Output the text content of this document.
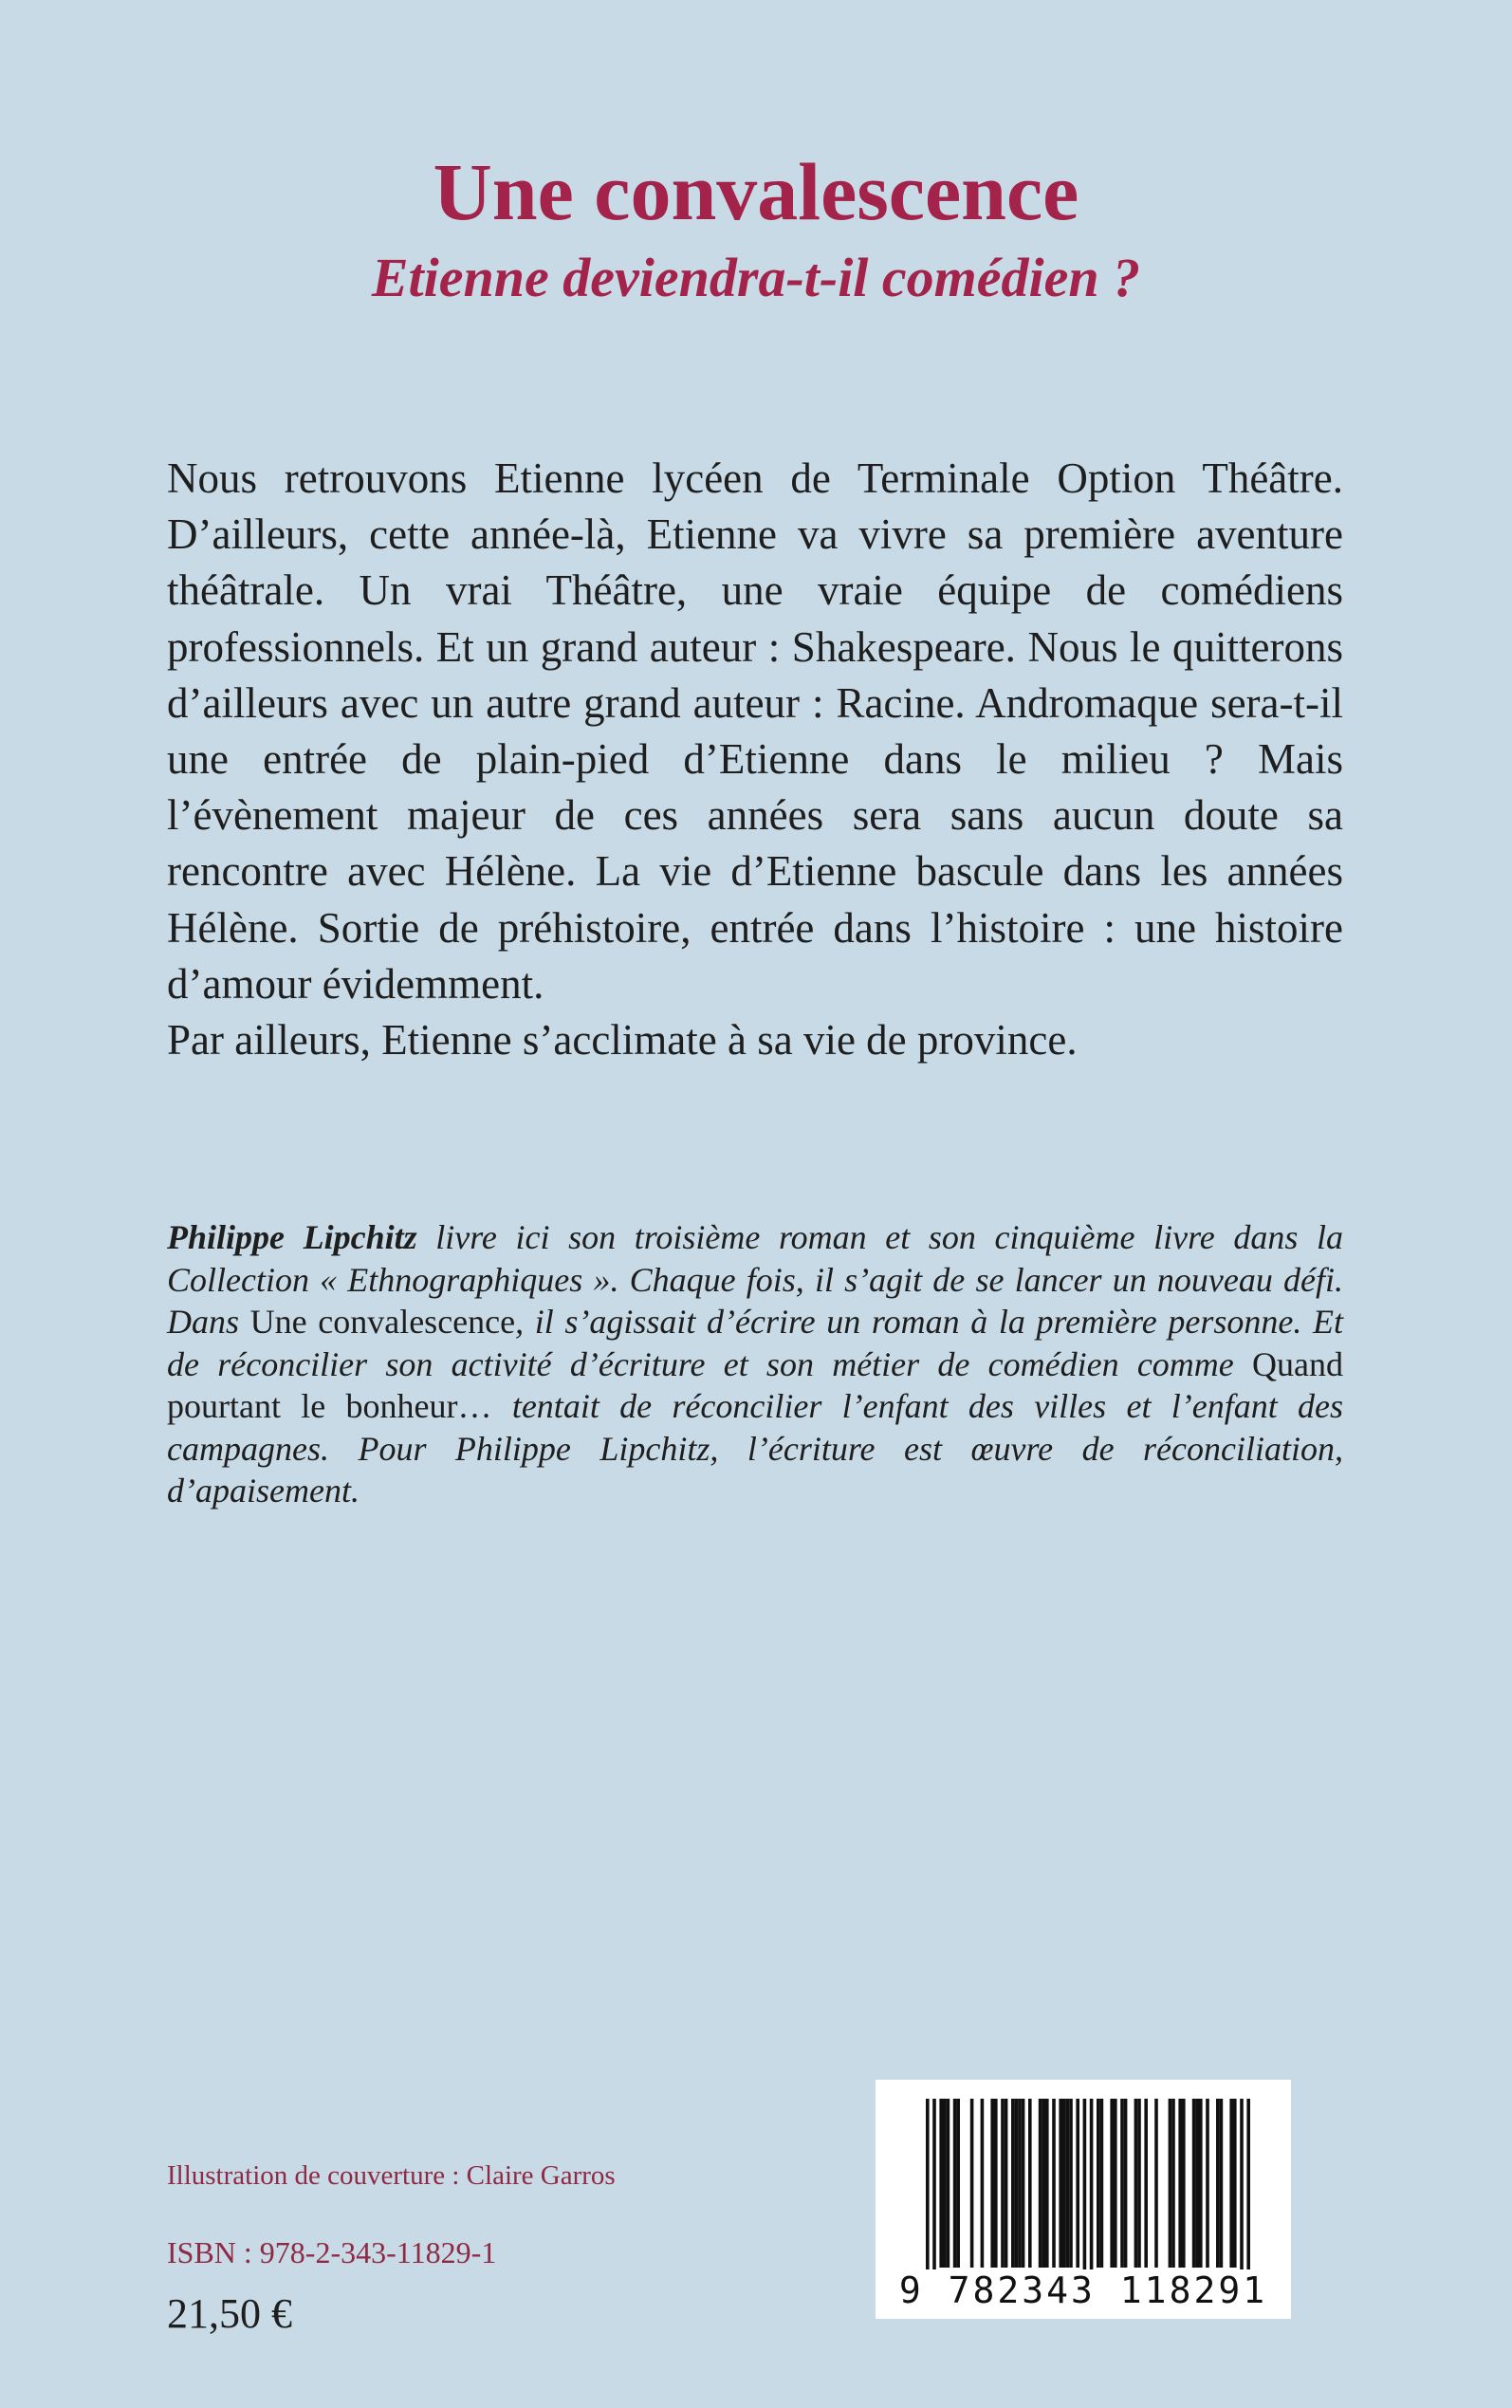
Une convalescence
Etienne deviendra-t-il comédien ?

Nous retrouvons Etienne lycéen de Terminale Option Théâtre. D’ailleurs, cette année-là, Etienne va vivre sa première aventure théâtrale. Un vrai Théâtre, une vraie équipe de comédiens professionnels. Et un grand auteur : Shakespeare. Nous le quitterons d’ailleurs avec un autre grand auteur : Racine. Andromaque sera-t-il une entrée de plain-pied d’Etienne dans le milieu ? Mais l’évènement majeur de ces années sera sans aucun doute sa rencontre avec Hélène. La vie d’Etienne bascule dans les années Hélène. Sortie de préhistoire, entrée dans l’histoire : une histoire d’amour évidemment.

Par ailleurs, Etienne s’acclimate à sa vie de province.

Philippe Lipchitz livre ici son troisième roman et son cinquième livre dans la Collection « Ethnographiques ». Chaque fois, il s’agit de se lancer un nouveau défi. Dans Une convalescence, il s’agissait d’écrire un roman à la première personne. Et de réconcilier son activité d’écriture et son métier de comédien comme Quand pourtant le bonheur… tentait de réconcilier l’enfant des villes et l’enfant des campagnes. Pour Philippe Lipchitz, l’écriture est œuvre de réconciliation, d’apaisement.

Illustration de couverture : Claire Garros

ISBN : 978-2-343-11829-1

21,50 €	9 782343 118291
